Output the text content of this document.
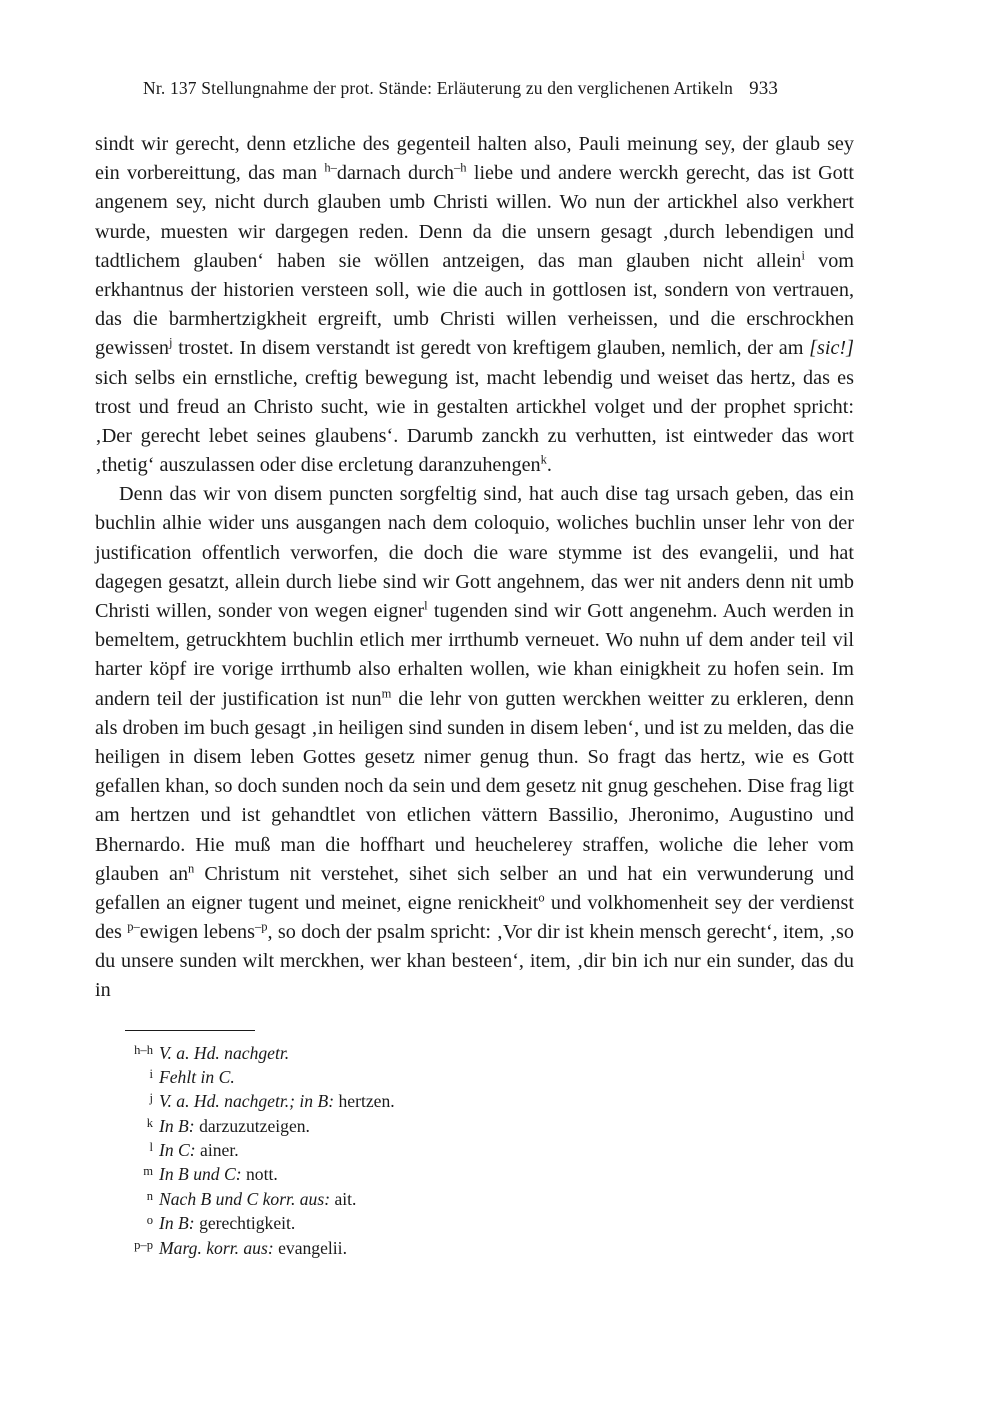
Nr. 137 Stellungnahme der prot. Stände: Erläuterung zu den verglichenen Artikeln 933

sindt wir gerecht, denn etzliche des gegenteil halten also, Pauli meinung sey, der glaub sey ein vorbereittung, das man $^{h-}$darnach durch$^{-h}$ liebe und andere werckh gerecht, das ist Gott angenem sey, nicht durch glauben umb Christi willen. Wo nun der artickhel also verkhert wurde, muesten wir dargegen reden. Denn da die unsern gesagt ‚durch lebendigen und tadtlichem glauben‘ haben sie wöllen antzeigen, das man glauben nicht allein$^i$ vom erkhantnus der historien versteen soll, wie die auch in gottlosen ist, sondern von vertrauen, das die barmhertzigkheit ergreift, umb Christi willen verheissen, und die erschrockhen gewissen$^j$ trostet. In disem verstandt ist geredt von kreftigem glauben, nemlich, der am [sic!] sich selbs ein ernstliche, creftig bewegung ist, macht lebendig und weiset das hertz, das es trost und freud an Christo sucht, wie in gestalten artickhel volget und der prophet spricht: ‚Der gerecht lebet seines glaubens‘. Darumb zanckh zu verhutten, ist eintweder das wort ‚thetig‘ auszulassen oder dise ercletung daranzuhengen$^k$.

Denn das wir von disem puncten sorgfeltig sind, hat auch dise tag ursach geben, das ein buchlin alhie wider uns ausgangen nach dem coloquio, woliches buchlin unser lehr von der justification offentlich verworfen, die doch die ware stymme ist des evangelii, und hat dagegen gesatzt, allein durch liebe sind wir Gott angehnem, das wer nit anders denn nit umb Christi willen, sonder von wegen eigner$^l$ tugenden sind wir Gott angenehm. Auch werden in bemeltem, getruckhtem buchlin etlich mer irrthumb verneuet. Wo nuhn uf dem ander teil vil harter köpf ire vorige irrthumb also erhalten wollen, wie khan einigkheit zu hofen sein. Im andern teil der justification ist nun$^m$ die lehr von gutten werckhen weitter zu erkleren, denn als droben im buch gesagt ‚in heiligen sind sunden in disem leben‘, und ist zu melden, das die heiligen in disem leben Gottes gesetz nimer genug thun. So fragt das hertz, wie es Gott gefallen khan, so doch sunden noch da sein und dem gesetz nit gnug geschehen. Dise frag ligt am hertzen und ist gehandtlet von etlichen vättern Bassilio, Jheronimo, Augustino und Bhernardo. Hie muß man die hoffhart und heuchelerey straffen, woliche die leher vom glauben $an^n$ Christum nit verstehet, sihet sich selber an und hat ein verwunderung und gefallen an eigner tugent und meinet, eigne renickheit$^o$ und volkhomenheit sey der verdienst des $^{p-}$ewigen lebens$^{-p}$, so doch der psalm spricht: ‚Vor dir ist khein mensch gerecht‘, item, ‚so du unsere sunden wilt merckhen, wer khan besteen‘, item, ‚dir bin ich nur ein sunder, das du in

h–h V. a. Hd. nachgetr.
i Fehlt in C.
j V. a. Hd. nachgetr.; in B: hertzen.
k In B: darzuzutzeigen.
l In C: ainer.
m In B und C: nott.
n Nach B und C korr. aus: ait.
o In B: gerechtigkeit.
p–p Marg. korr. aus: evangelii.
